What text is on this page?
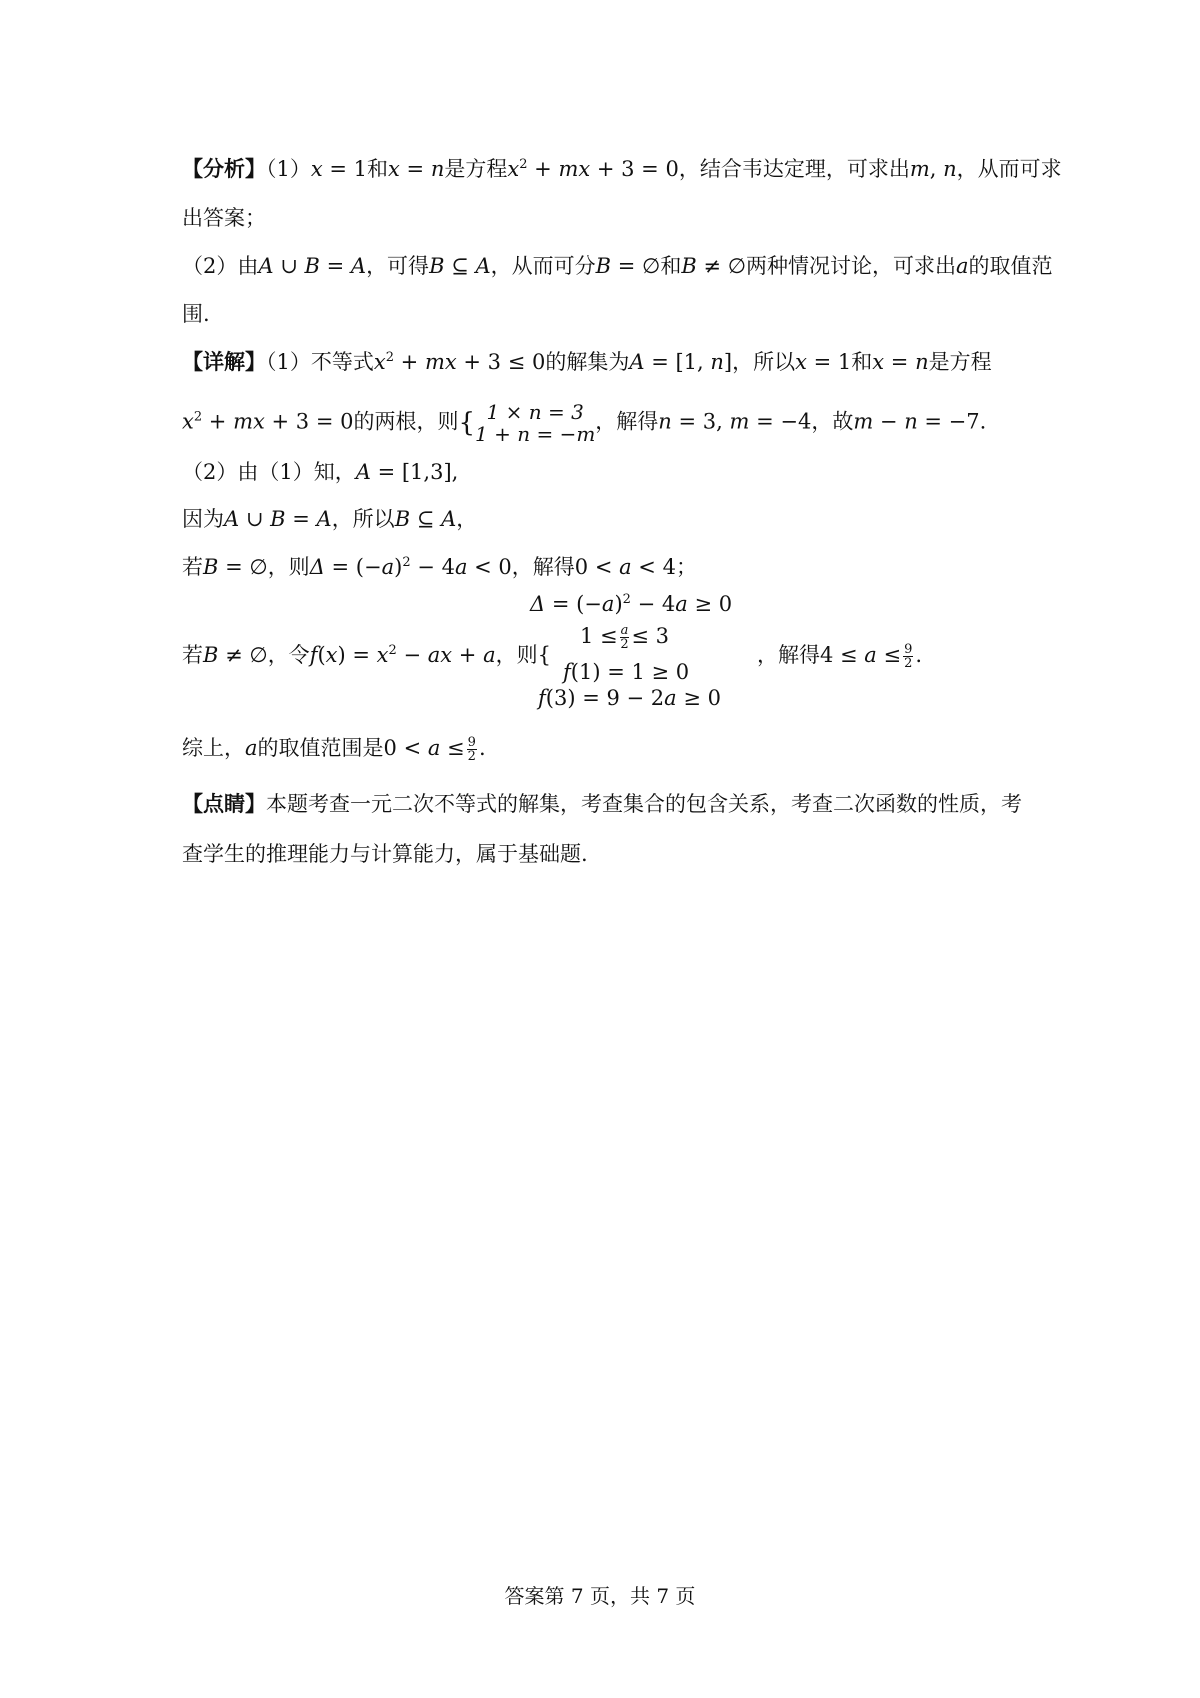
【分析】（1）x = 1和x = n是方程$x^2$ + mx + 3 = 0，结合韦达定理，可求出m, n，从而可求
出答案；
（2）由A ∪ B = A，可得B ⊆ A，从而可分B = ∅和B ≠ ∅两种情况讨论，可求出a的取值范
围.
【详解】（1）不等式$x^2$ + mx + 3 ≤ 0的解集为A = [1, n]，所以x = 1和x = n是方程
$x^2$ + mx + 3 = 0的两根，则{ 1 × n = 3
1 + n = −m
，解得n = 3, m = −4，故m − n = −7.
（2）由（1）知，A = [1,3],
因为A ∪ B = A，所以B ⊆ A，
若B = ∅，则$\Delta = (-a)^2 - 4a < 0$，解得0 < a < 4；
$\Delta = (-a)^2 - 4a \ge 0$
若B ≠ ∅，令$f(x) = x^2$ − ax + a，则{	，解得$4 \le a \le \frac{9}{2}$ .
$1 \le \frac{a}{2} \le 3$
f(1) = 1 ≥ 0
f(3) = 9 − 2a ≥ 0
综上，a的取值范围是$0 < a \le \frac{9}{2}$ .
【点睛】本题考查一元二次不等式的解集，考查集合的包含关系，考查二次函数的性质，考
查学生的推理能力与计算能力，属于基础题.
答案第 7 页，共 7 页
